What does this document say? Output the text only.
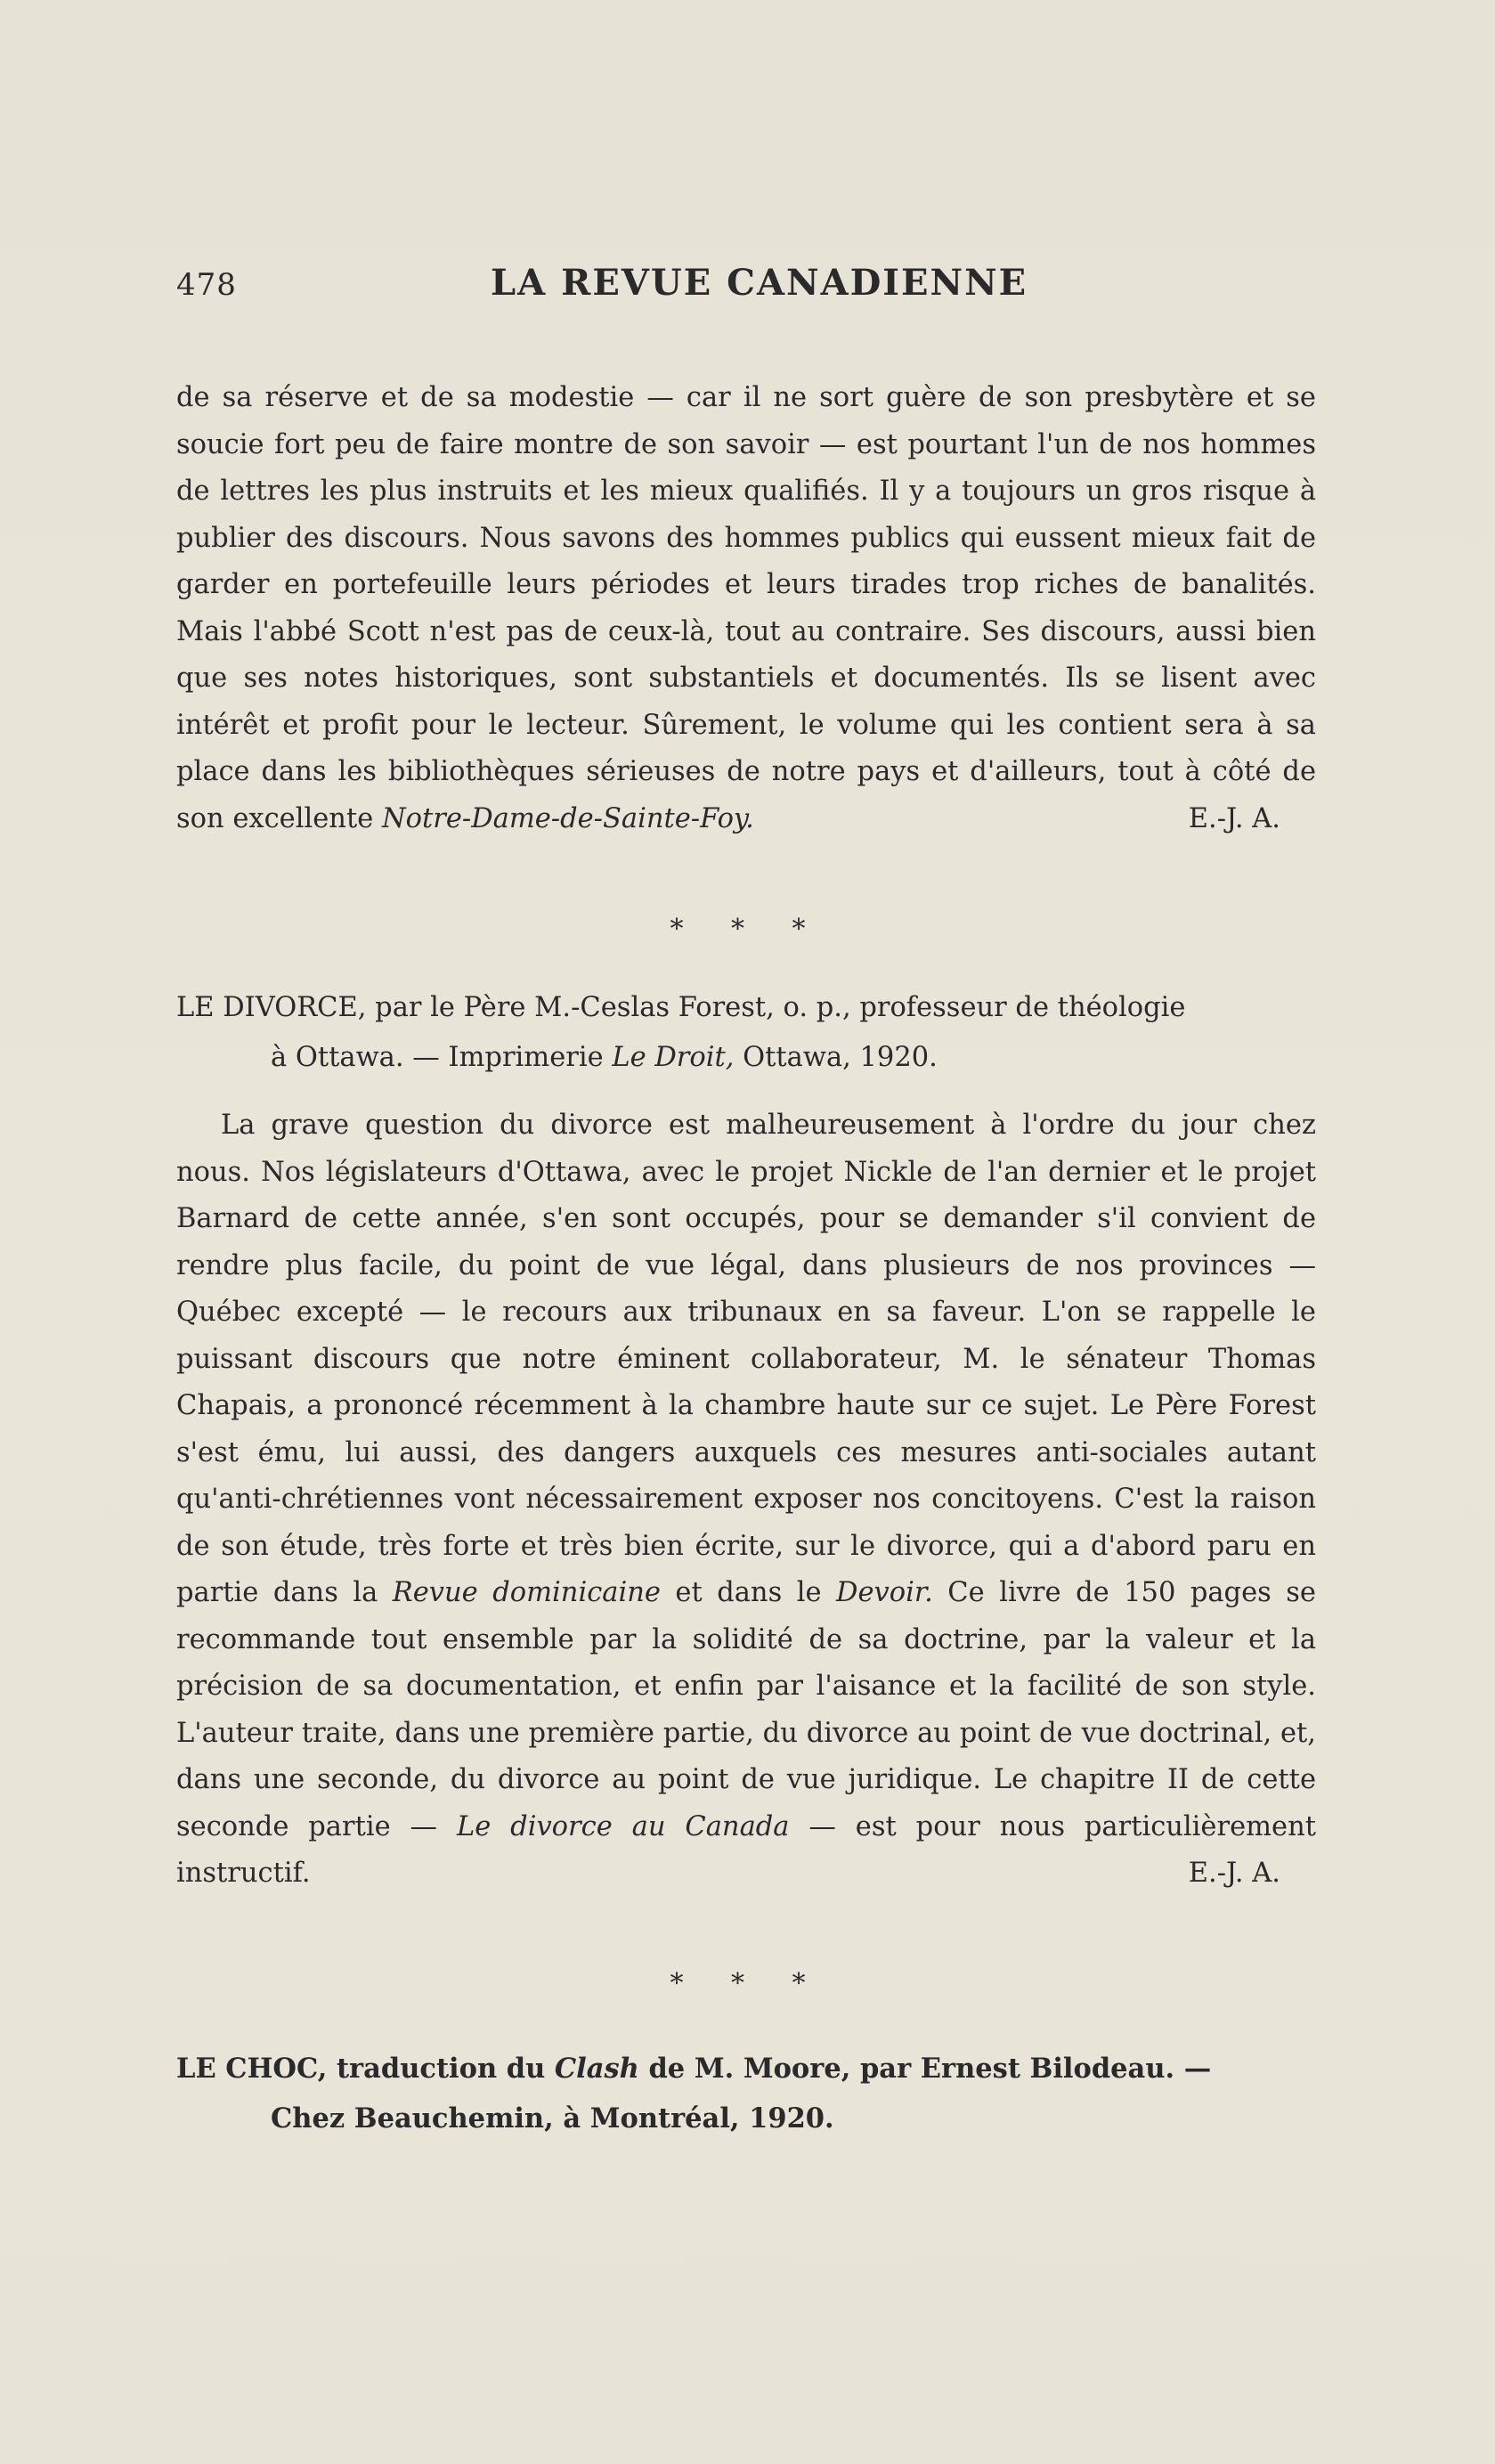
478	LA REVUE CANADIENNE

de sa réserve et de sa modestie — car il ne sort guère de son presbytère et se soucie fort peu de faire montre de son savoir — est pourtant l'un de nos hommes de lettres les plus instruits et les mieux qualifiés. Il y a toujours un gros risque à publier des discours. Nous savons des hommes publics qui eussent mieux fait de garder en portefeuille leurs périodes et leurs tirades trop riches de banalités. Mais l'abbé Scott n'est pas de ceux-là, tout au contraire. Ses discours, aussi bien que ses notes historiques, sont substantiels et documentés. Ils se lisent avec intérêt et profit pour le lecteur. Sûrement, le volume qui les contient sera à sa place dans les bibliothèques sérieuses de notre pays et d'ailleurs, tout à côté de son excellente Notre-Dame-de-Sainte-Foy.	E.-J. A.

* * *
LE DIVORCE, par le Père M.-Ceslas Forest, o. p., professeur de théologie
à Ottawa. — Imprimerie Le Droit, Ottawa, 1920.

La grave question du divorce est malheureusement à l'ordre du jour chez nous. Nos législateurs d'Ottawa, avec le projet Nickle de l'an dernier et le projet Barnard de cette année, s'en sont occupés, pour se demander s'il convient de rendre plus facile, du point de vue légal, dans plusieurs de nos provinces — Québec excepté — le recours aux tribunaux en sa faveur. L'on se rappelle le puissant discours que notre éminent collaborateur, M. le sénateur Thomas Chapais, a prononcé récemment à la chambre haute sur ce sujet. Le Père Forest s'est ému, lui aussi, des dangers auxquels ces mesures anti-sociales autant qu'anti-chrétiennes vont nécessairement exposer nos concitoyens. C'est la raison de son étude, très forte et très bien écrite, sur le divorce, qui a d'abord paru en partie dans la Revue dominicaine et dans le Devoir. Ce livre de 150 pages se recommande tout ensemble par la solidité de sa doctrine, par la valeur et la précision de sa documentation, et enfin par l'aisance et la facilité de son style. L'auteur traite, dans une première partie, du divorce au point de vue doctrinal, et, dans une seconde, du divorce au point de vue juridique. Le chapitre II de cette seconde partie — Le divorce au Canada — est pour nous particulièrement instructif.	E.-J. A.

* * *
LE CHOC, traduction du Clash de M. Moore, par Ernest Bilodeau. —
Chez Beauchemin, à Montréal, 1920.
